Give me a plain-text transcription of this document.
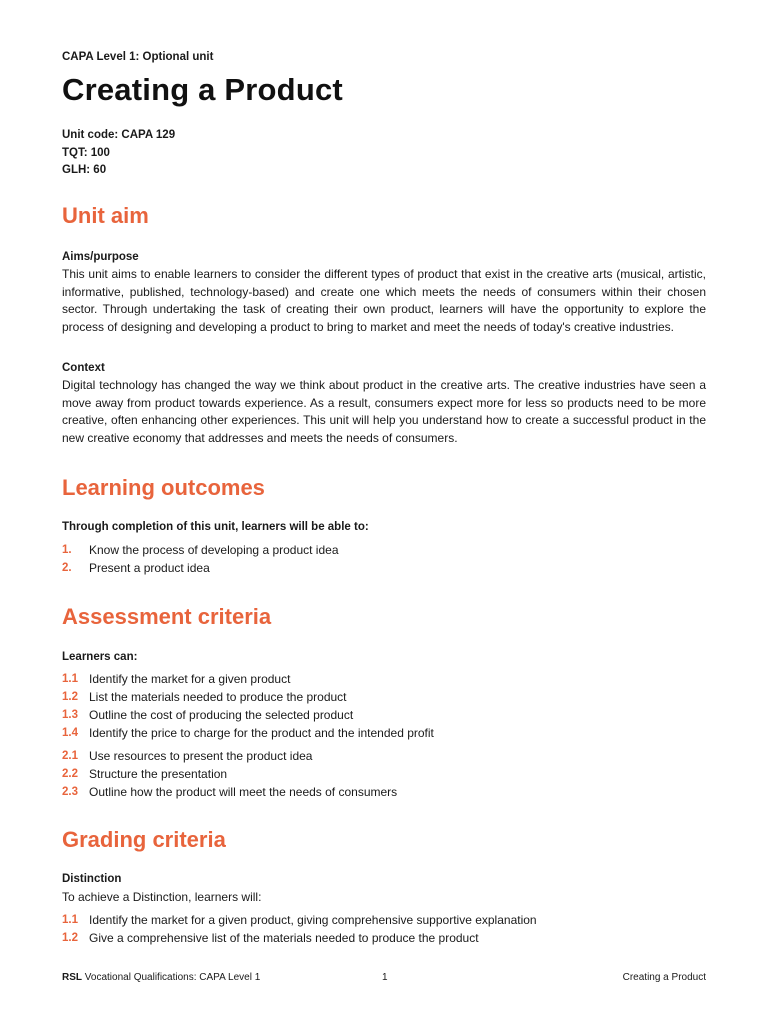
CAPA Level 1: Optional unit
Creating a Product
Unit code: CAPA 129
TQT: 100
GLH: 60
Unit aim
Aims/purpose

This unit aims to enable learners to consider the different types of product that exist in the creative arts (musical, artistic, informative, published, technology-based) and create one which meets the needs of consumers within their chosen sector. Through undertaking the task of creating their own product, learners will have the opportunity to explore the process of designing and developing a product to bring to market and meet the needs of today's creative industries.

Context

Digital technology has changed the way we think about product in the creative arts. The creative industries have seen a move away from product towards experience. As a result, consumers expect more for less so products need to be more creative, often enhancing other experiences. This unit will help you understand how to create a successful product in the new creative economy that addresses and meets the needs of consumers.

Learning outcomes
Through completion of this unit, learners will be able to:
1. Know the process of developing a product idea
2. Present a product idea
Assessment criteria
Learners can:
1.1 Identify the market for a given product
1.2 List the materials needed to produce the product
1.3 Outline the cost of producing the selected product
1.4 Identify the price to charge for the product and the intended profit
2.1 Use resources to present the product idea
2.2 Structure the presentation
2.3 Outline how the product will meet the needs of consumers
Grading criteria
Distinction
To achieve a Distinction, learners will:
1.1 Identify the market for a given product, giving comprehensive supportive explanation
1.2 Give a comprehensive list of the materials needed to produce the product
RSL Vocational Qualifications: CAPA Level 1	1	Creating a Product
